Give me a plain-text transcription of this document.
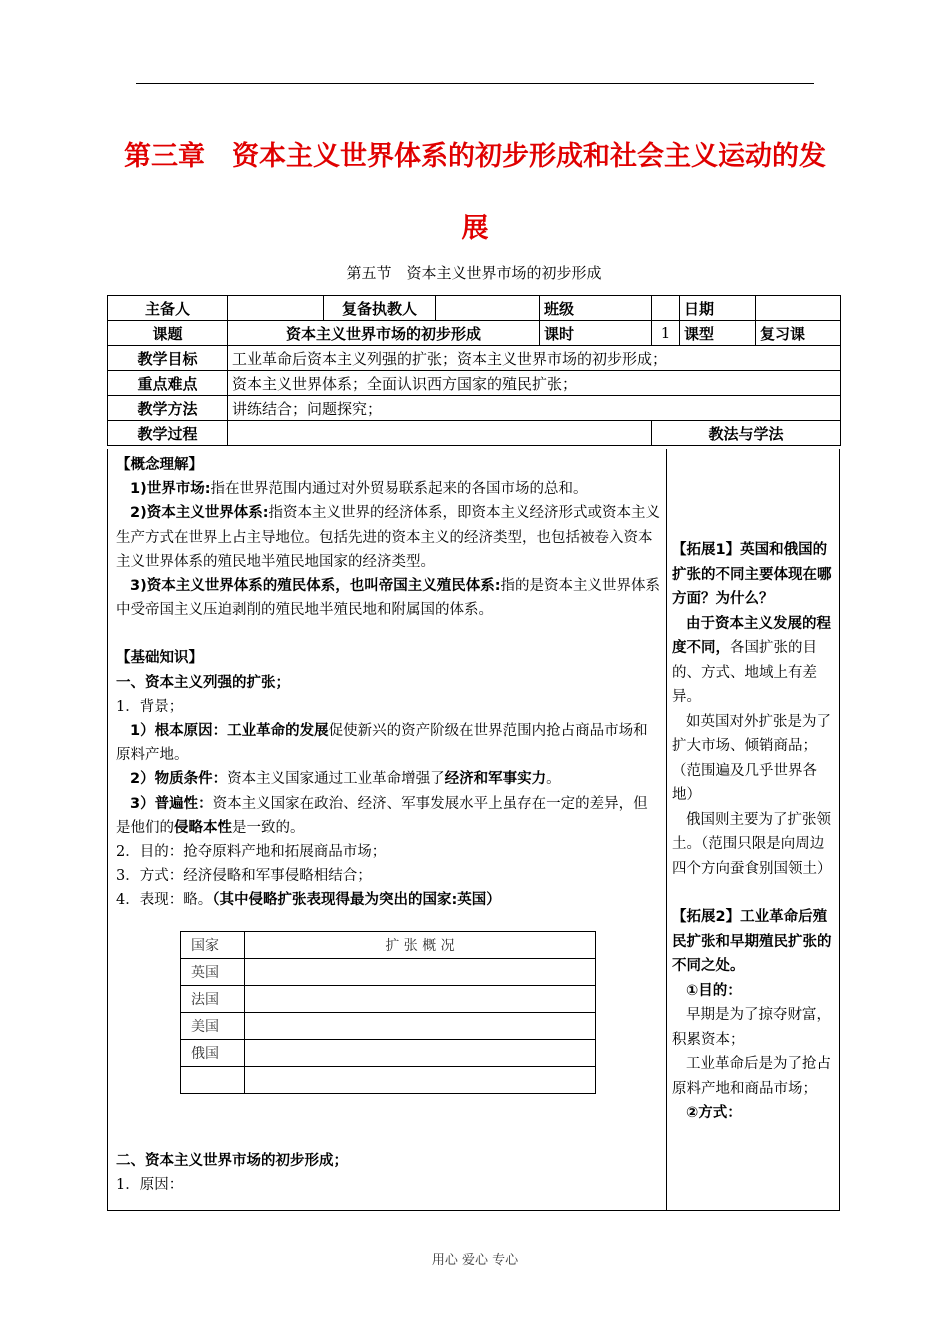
第三章　资本主义世界体系的初步形成和社会主义运动的发
展
第五节　资本主义世界市场的初步形成
主备人		复备执教人		班级		日期	
课题	资本主义世界市场的初步形成			课时	1	课型	复习课
教学目标	工业革命后资本主义列强的扩张；资本主义世界市场的初步形成；						
重点难点	资本主义世界体系；全面认识西方国家的殖民扩张；						
教学方法	讲练结合；问题探究；						
教学过程					教法与学法		

【概念理解】

1)世界市场:指在世界范围内通过对外贸易联系起来的各国市场的总和。

2)资本主义世界体系:指资本主义世界的经济体系，即资本主义经济形式或资本主义生产方式在世界上占主导地位。包括先进的资本主义的经济类型，也包括被卷入资本主义世界体系的殖民地半殖民地国家的经济类型。

3)资本主义世界体系的殖民体系，也叫帝国主义殖民体系:指的是资本主义世界体系中受帝国主义压迫剥削的殖民地半殖民地和附属国的体系。

【基础知识】

一、资本主义列强的扩张；

1．背景；

1）根本原因：工业革命的发展促使新兴的资产阶级在世界范围内抢占商品市场和原料产地。

2）物质条件：资本主义国家通过工业革命增强了经济和军事实力。

3）普遍性：资本主义国家在政治、经济、军事发展水平上虽存在一定的差异，但是他们的侵略本性是一致的。

2．目的：抢夺原料产地和拓展商品市场；

3．方式：经济侵略和军事侵略相结合；

4．表现：略。（其中侵略扩张表现得最为突出的国家:英国）

国家	扩 张 概 况
英国	
法国	
美国	
俄国	

二、资本主义世界市场的初步形成；

1．原因：

【拓展1】英国和俄国的扩张的不同主要体现在哪方面？为什么？

由于资本主义发展的程度不同，各国扩张的目的、方式、地域上有差异。

如英国对外扩张是为了扩大市场、倾销商品；（范围遍及几乎世界各地）

俄国则主要为了扩张领土。（范围只限是向周边四个方向蚕食别国领土）

【拓展2】工业革命后殖民扩张和早期殖民扩张的不同之处。

①目的：

早期是为了掠夺财富，积累资本；

工业革命后是为了抢占原料产地和商品市场；

②方式：

用心 爱心 专心
